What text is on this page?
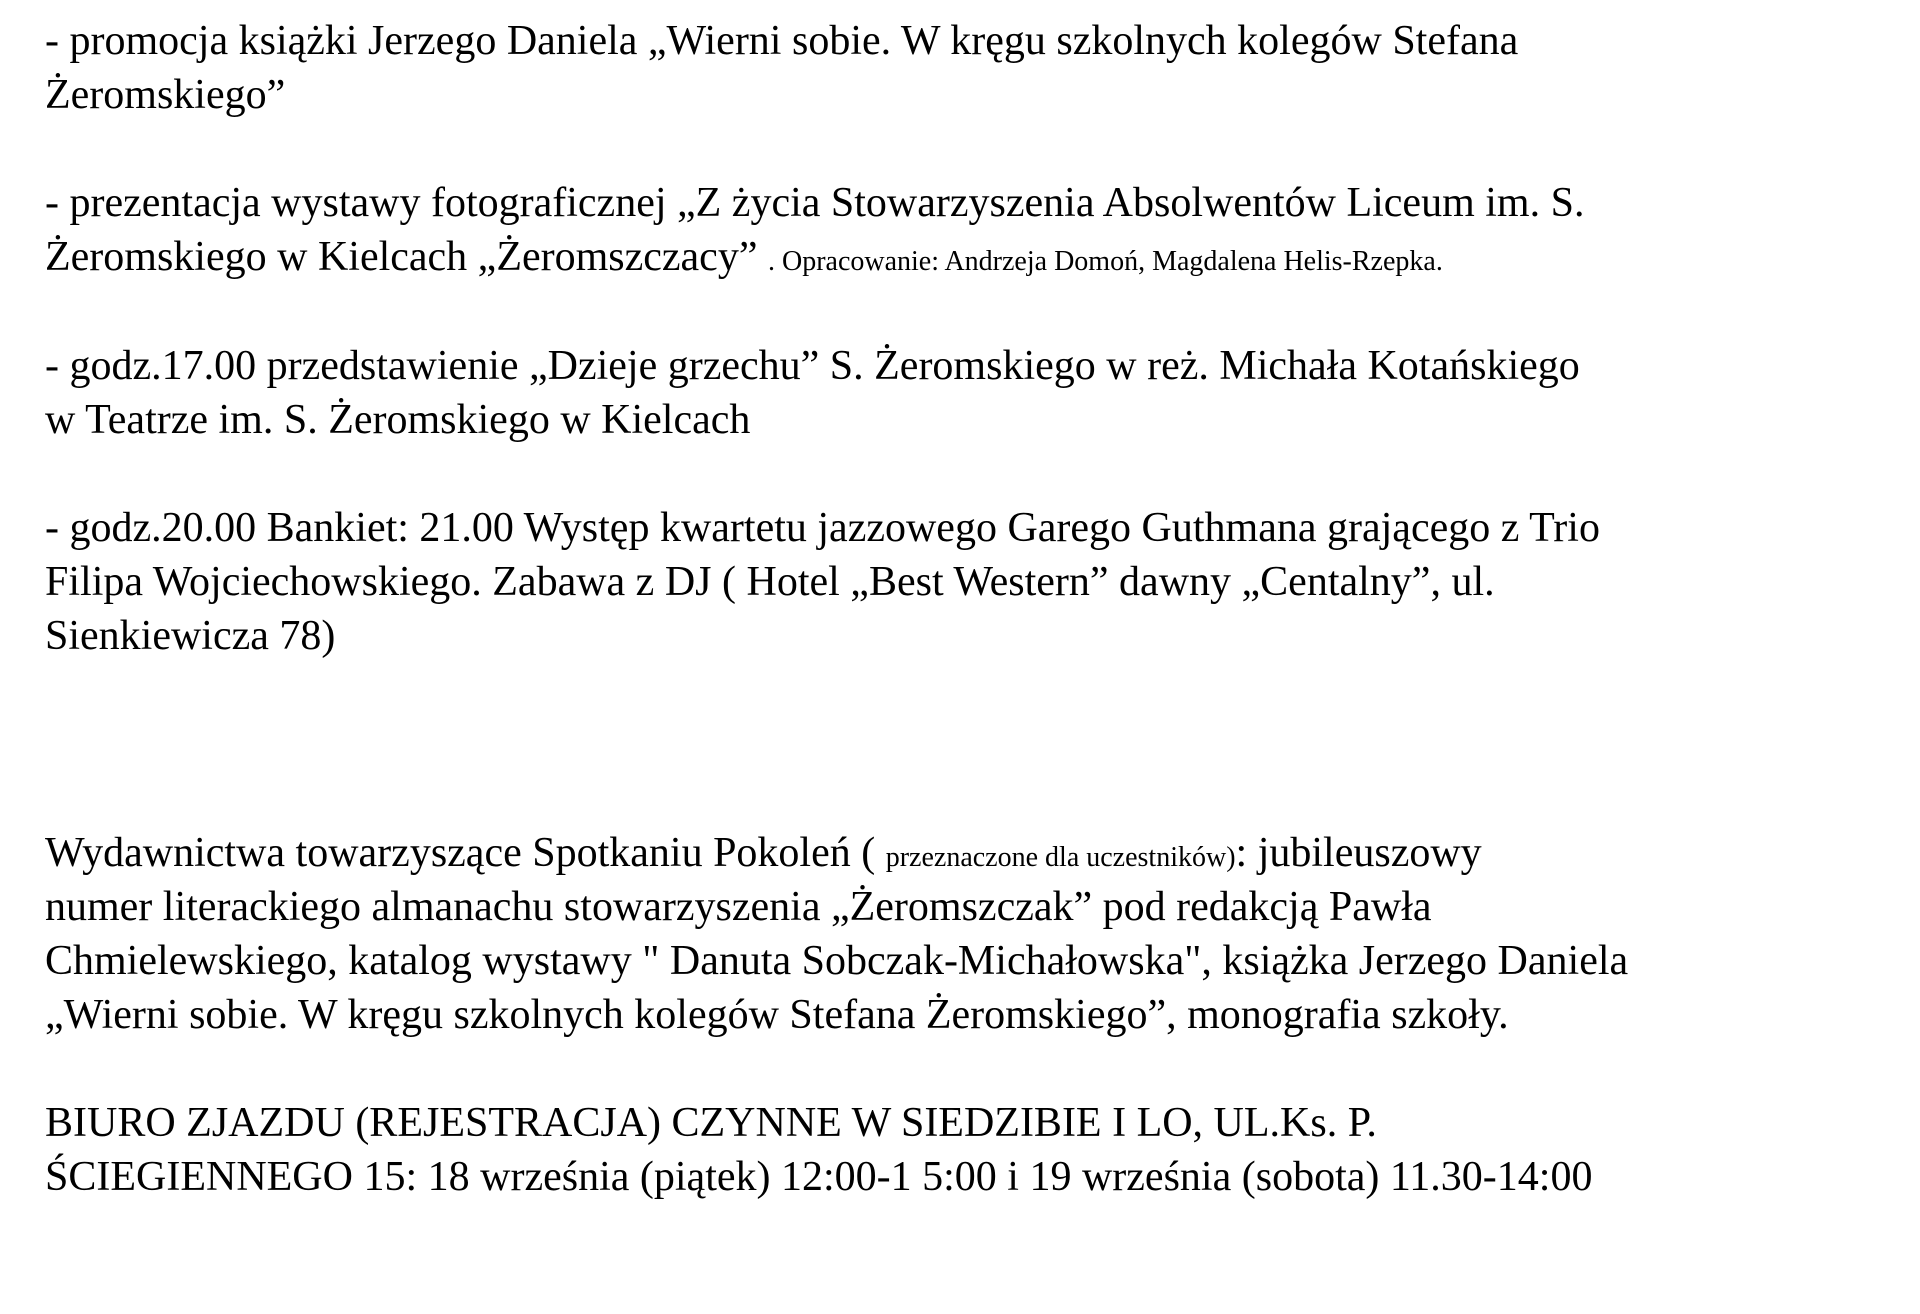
- promocja książki Jerzego Daniela „Wierni sobie. W kręgu szkolnych kolegów Stefana
Żeromskiego”
- prezentacja wystawy fotograficznej „Z życia Stowarzyszenia Absolwentów Liceum im. S.
Żeromskiego w Kielcach „Żeromszczacy” . Opracowanie: Andrzeja Domoń, Magdalena Helis-Rzepka.
- godz.17.00 przedstawienie „Dzieje grzechu” S. Żeromskiego w reż. Michała Kotańskiego
w Teatrze im. S. Żeromskiego w Kielcach
- godz.20.00 Bankiet: 21.00 Występ kwartetu jazzowego Garego Guthmana grającego z Trio
Filipa Wojciechowskiego. Zabawa z DJ ( Hotel „Best Western” dawny „Centalny”, ul.
Sienkiewicza 78)
Wydawnictwa towarzyszące Spotkaniu Pokoleń ( przeznaczone dla uczestników): jubileuszowy
numer literackiego almanachu stowarzyszenia „Żeromszczak” pod redakcją Pawła
Chmielewskiego, katalog wystawy " Danuta Sobczak-Michałowska", książka Jerzego Daniela
„Wierni sobie. W kręgu szkolnych kolegów Stefana Żeromskiego”, monografia szkoły.
BIURO ZJAZDU (REJESTRACJA) CZYNNE W SIEDZIBIE I LO, UL.Ks. P.
ŚCIEGIENNEGO 15: 18 września (piątek) 12:00-1 5:00 i 19 września (sobota) 11.30-14:00
